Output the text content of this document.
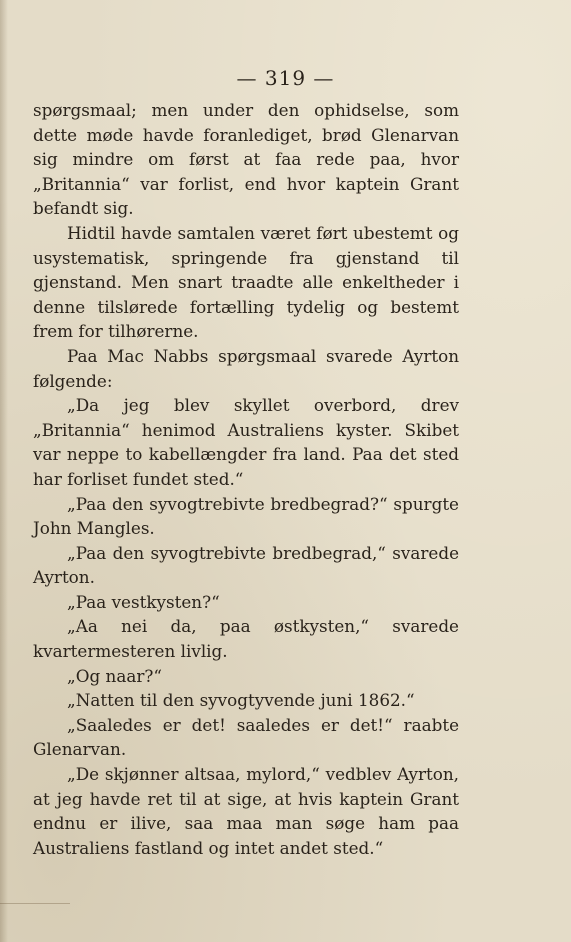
— 319 —

spørgsmaal; men under den ophidselse, som dette møde havde foranlediget, brød Glenarvan sig mindre om først at faa rede paa, hvor „Britannia“ var forlist, end hvor kaptein Grant befandt sig.

Hidtil havde samtalen været ført ubestemt og usystematisk, springende fra gjenstand til gjenstand. Men snart traadte alle enkeltheder i denne tilslørede fortælling tydelig og bestemt frem for tilhørerne.

Paa Mac Nabbs spørgsmaal svarede Ayrton følgende:

„Da jeg blev skyllet overbord, drev „Britannia“ henimod Australiens kyster. Skibet var neppe to kabellængder fra land. Paa det sted har forliset fundet sted.“

„Paa den syvogtrebivte bredbegrad?“ spurgte John Mangles.

„Paa den syvogtrebivte bredbegrad,“ svarede Ayrton.

„Paa vestkysten?“

„Aa nei da, paa østkysten,“ svarede kvartermesteren livlig.

„Og naar?“

„Natten til den syvogtyvende juni 1862.“

„Saaledes er det! saaledes er det!“ raabte Glenarvan.

„De skjønner altsaa, mylord,“ vedblev Ayrton, at jeg havde ret til at sige, at hvis kaptein Grant endnu er ilive, saa maa man søge ham paa Australiens fastland og intet andet sted.“
